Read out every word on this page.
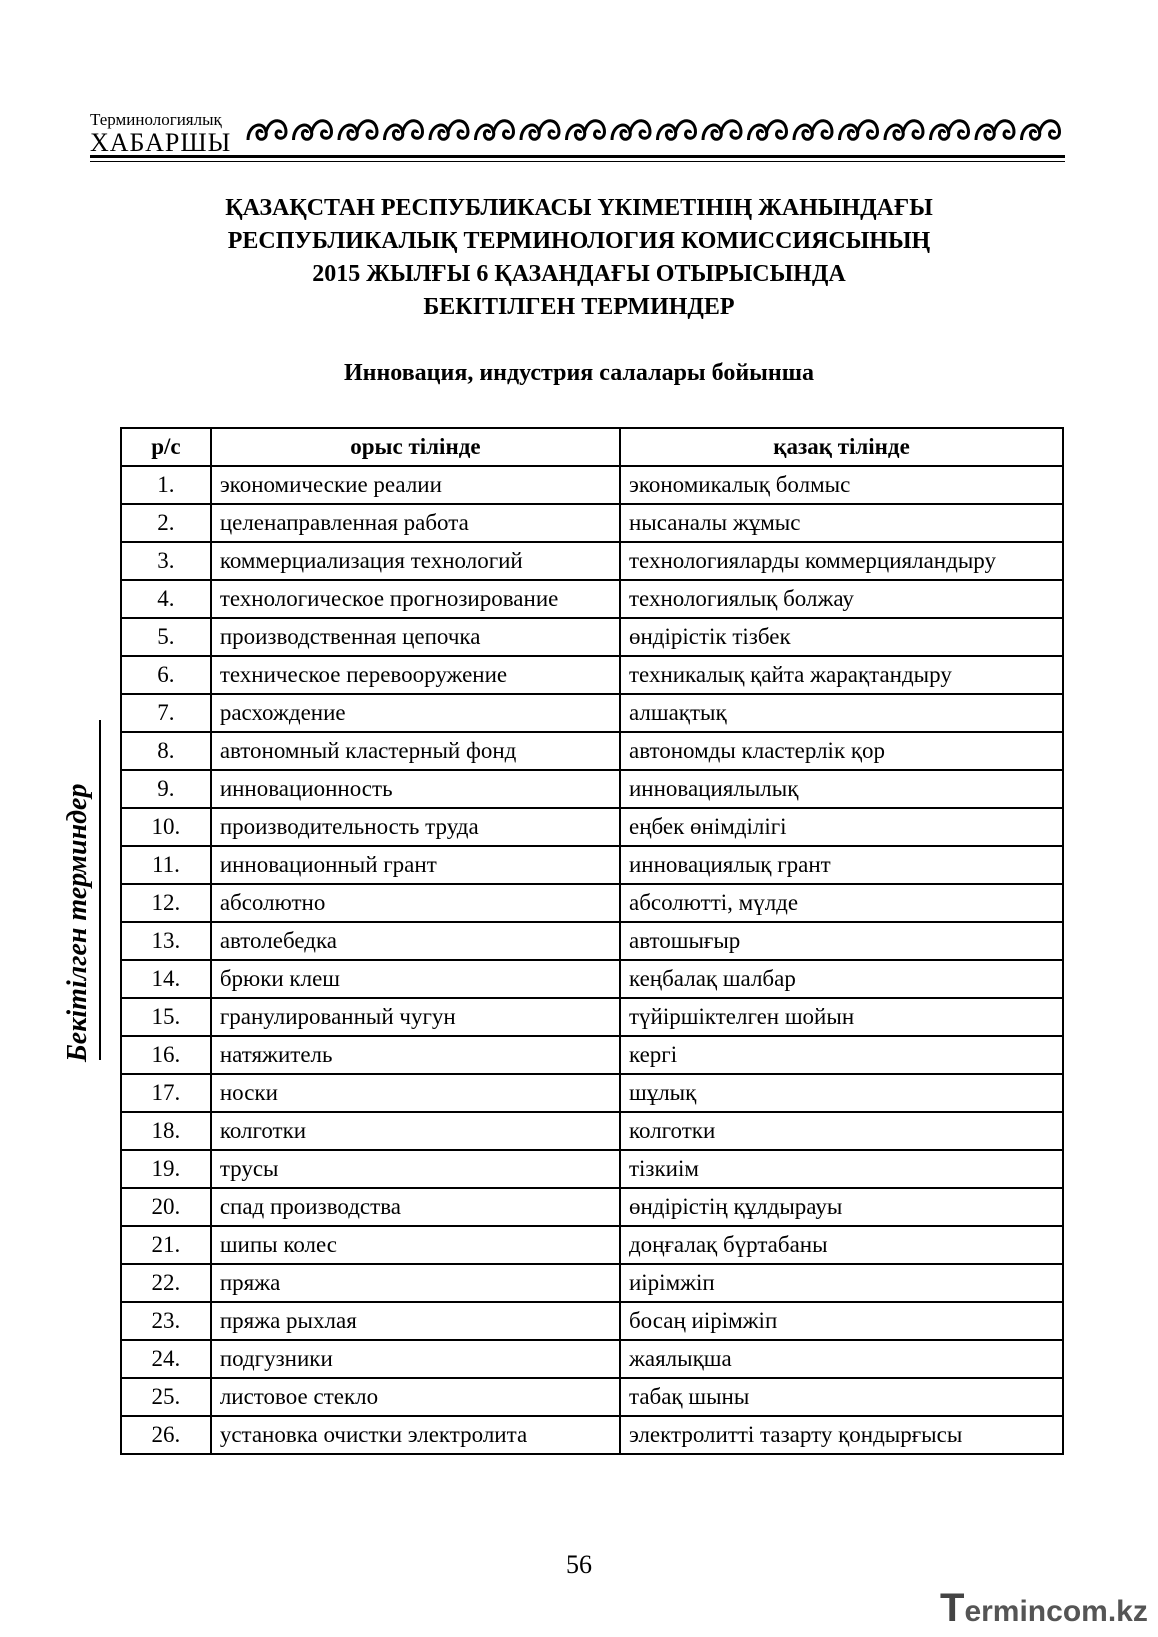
Терминологиялық
ХАБАРШЫ
ҚАЗАҚСТАН РЕСПУБЛИКАСЫ ҮКІМЕТІНІҢ ЖАНЫНДАҒЫ
РЕСПУБЛИКАЛЫҚ ТЕРМИНОЛОГИЯ КОМИССИЯСЫНЫҢ
2015 ЖЫЛҒЫ 6 ҚАЗАНДАҒЫ ОТЫРЫСЫНДА
БЕКІТІЛГЕН ТЕРМИНДЕР
Инновация, индустрия салалары бойынша
Бекітілген терминдер
р/с	орыс тілінде	қазақ тілінде
1.	экономические реалии	экономикалық болмыс
2.	целенаправленная работа	нысаналы жұмыс
3.	коммерциализация технологий	технологияларды коммерцияландыру
4.	технологическое прогнозирование	технологиялық болжау
5.	производственная цепочка	өндірістік тізбек
6.	техническое перевооружение	техникалық қайта жарақтандыру
7.	расхождение	алшақтық
8.	автономный кластерный фонд	автономды кластерлік қор
9.	инновационность	инновациялылық
10.	производительность труда	еңбек өнімділігі
11.	инновационный грант	инновациялық грант
12.	абсолютно	абсолютті, мүлде
13.	автолебедка	автошығыр
14.	брюки клеш	кеңбалақ шалбар
15.	гранулированный чугун	түйіршіктелген шойын
16.	натяжитель	кергі
17.	носки	шұлық
18.	колготки	колготки
19.	трусы	тізкиім
20.	спад производства	өндірістің құлдырауы
21.	шипы колес	доңғалақ бүртабаны
22.	пряжа	иірімжіп
23.	пряжа рыхлая	босаң иірімжіп
24.	подгузники	жаялықша
25.	листовое стекло	табақ шыны
26.	установка очистки электролита	электролитті тазарту қондырғысы
56
Termincom.kz
